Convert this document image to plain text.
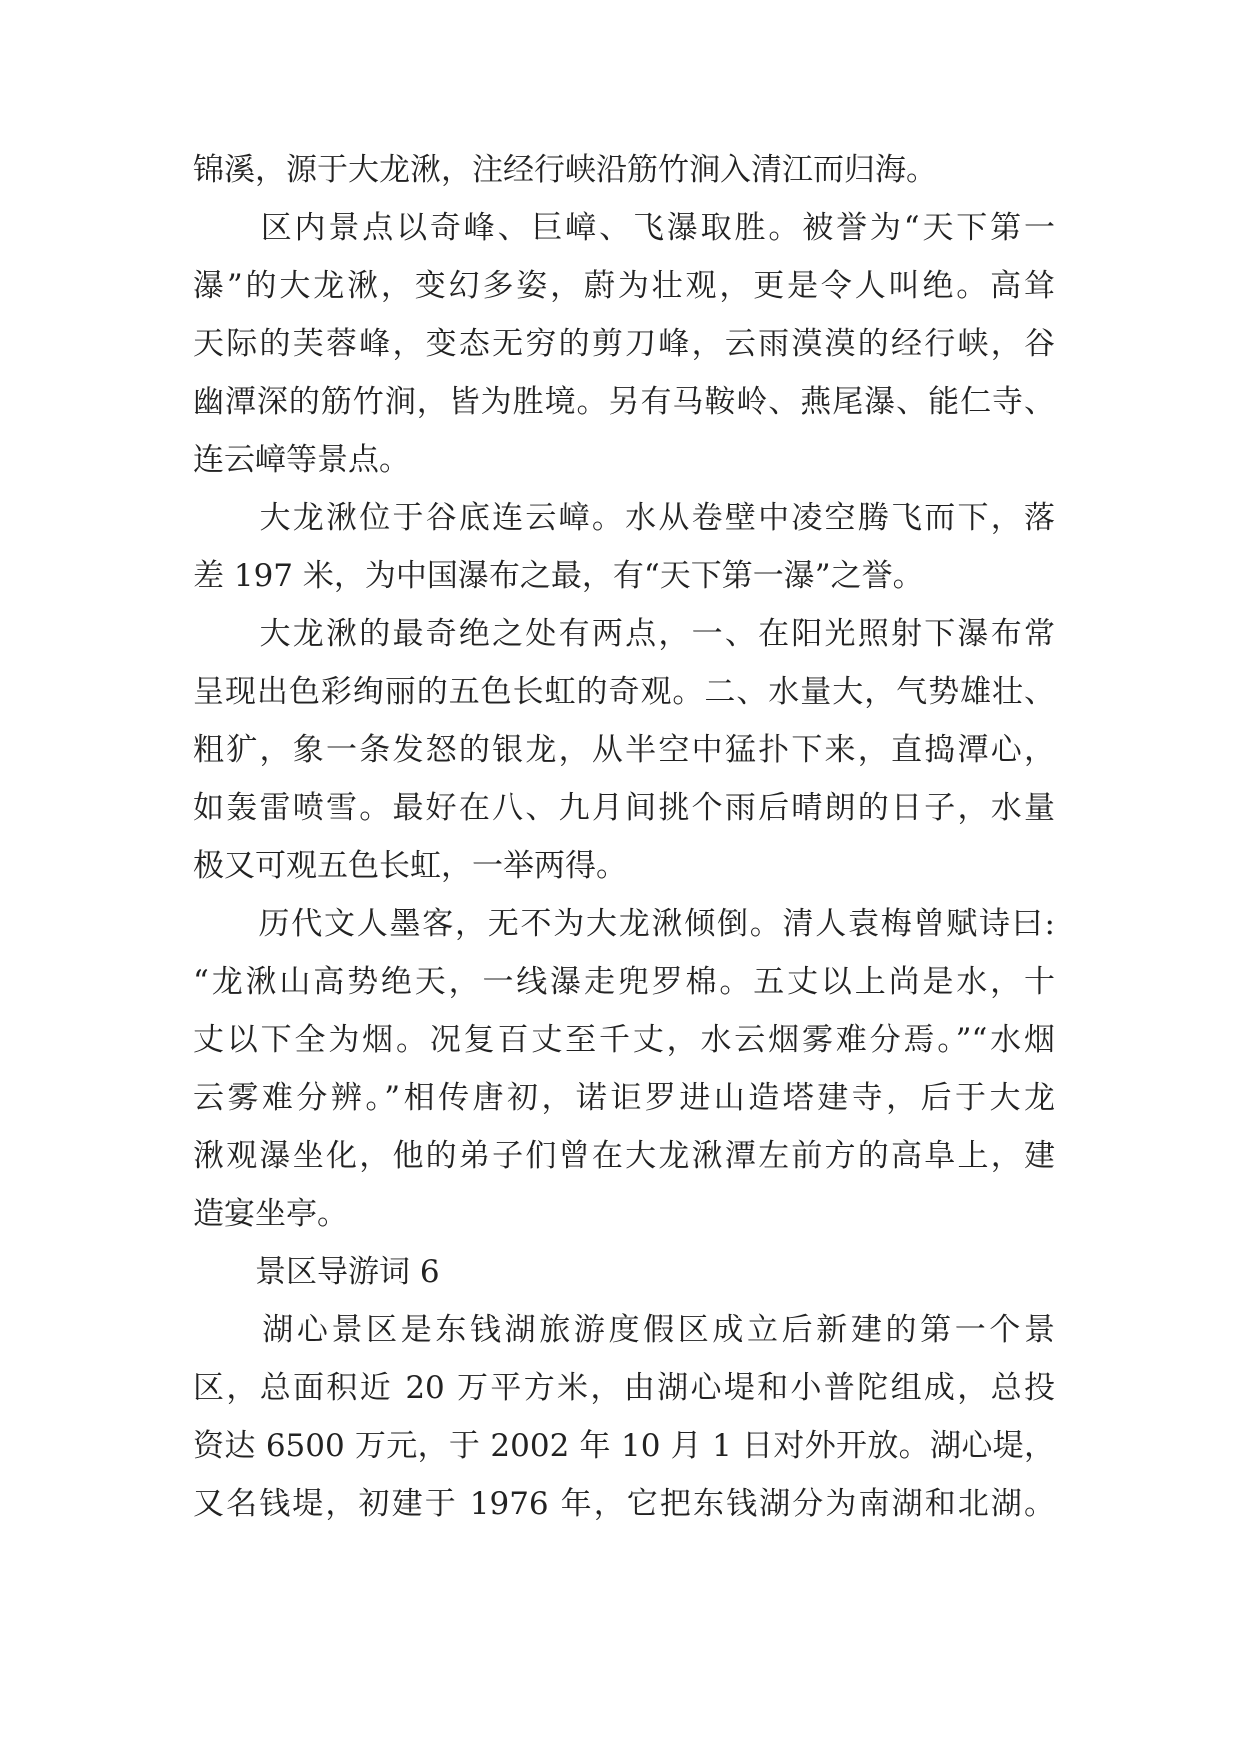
锦溪，源于大龙湫，注经行峡沿筋竹涧入清江而归海。
　　区内景点以奇峰、巨嶂、飞瀑取胜。被誉为“天下第一
瀑”的大龙湫，变幻多姿，蔚为壮观，更是令人叫绝。高耸
天际的芙蓉峰，变态无穷的剪刀峰，云雨漠漠的经行峡，谷
幽潭深的筋竹涧，皆为胜境。另有马鞍岭、燕尾瀑、能仁寺、
连云嶂等景点。
　　大龙湫位于谷底连云嶂。水从卷壁中凌空腾飞而下，落
差 197 米，为中国瀑布之最，有“天下第一瀑”之誉。
　　大龙湫的最奇绝之处有两点，一、在阳光照射下瀑布常
呈现出色彩绚丽的五色长虹的奇观。二、水量大，气势雄壮、
粗犷，象一条发怒的银龙，从半空中猛扑下来，直捣潭心，
如轰雷喷雪。最好在八、九月间挑个雨后晴朗的日子，水量
极又可观五色长虹，一举两得。
　　历代文人墨客，无不为大龙湫倾倒。清人袁梅曾赋诗曰:
“龙湫山高势绝天，一线瀑走兜罗棉。五丈以上尚是水，十
丈以下全为烟。况复百丈至千丈，水云烟雾难分焉。”“水烟
云雾难分辨。”相传唐初，诺讵罗进山造塔建寺，后于大龙
湫观瀑坐化，他的弟子们曾在大龙湫潭左前方的高阜上，建
造宴坐亭。
　　景区导游词 6
　　湖心景区是东钱湖旅游度假区成立后新建的第一个景
区，总面积近 20 万平方米，由湖心堤和小普陀组成，总投
资达 6500 万元，于 2002 年 10 月 1 日对外开放。湖心堤，
又名钱堤，初建于 1976 年，它把东钱湖分为南湖和北湖。
